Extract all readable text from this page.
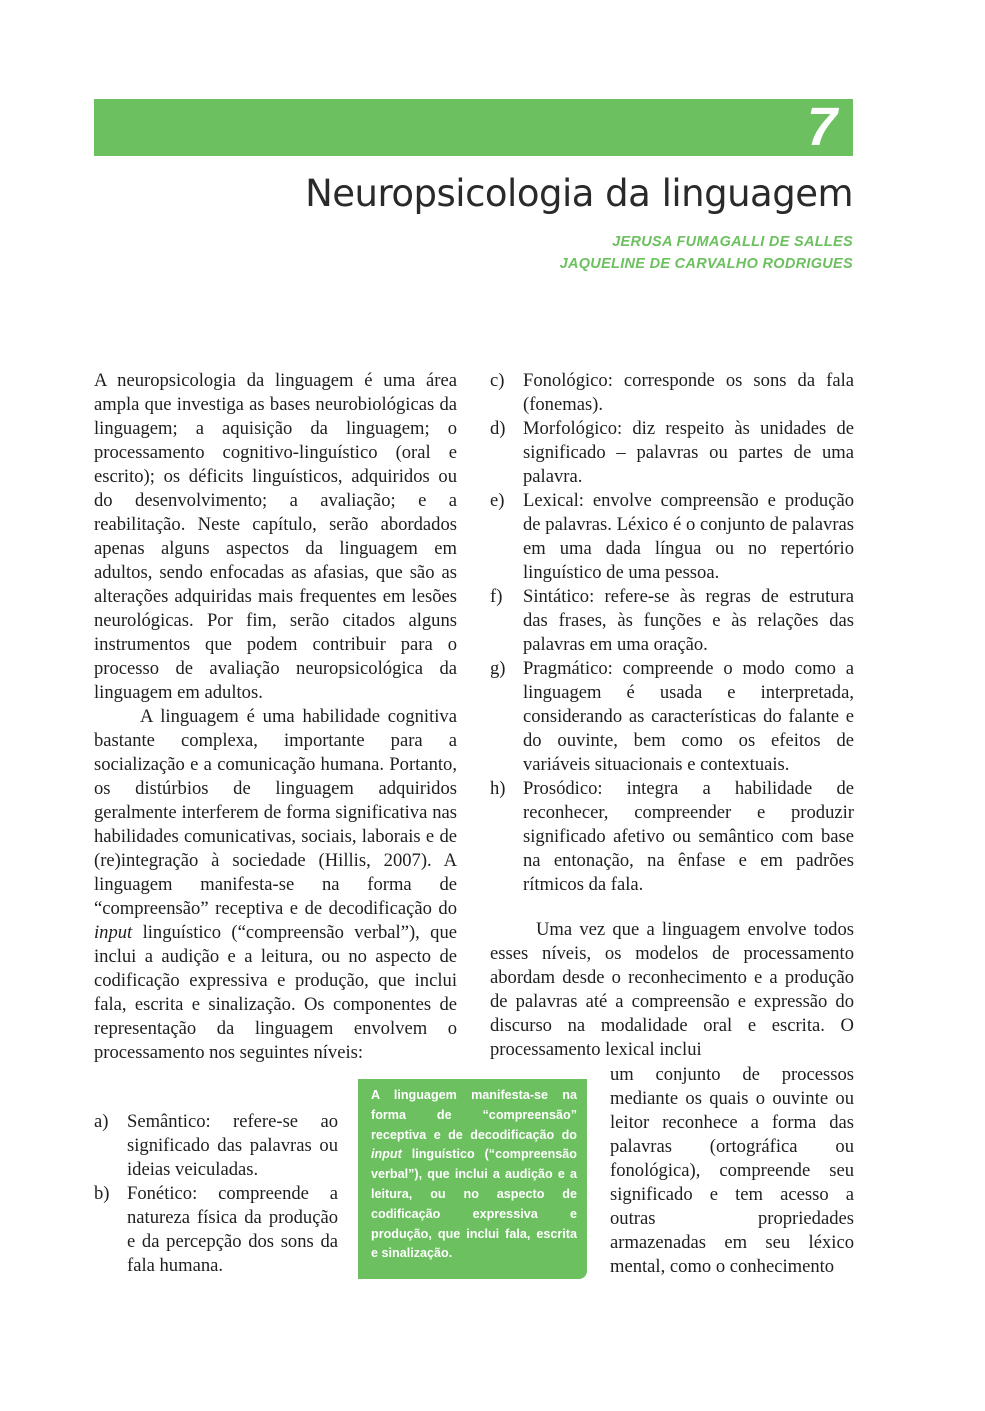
7
Neuropsicologia da linguagem
JERUSA FUMAGALLI DE SALLES
JAQUELINE DE CARVALHO RODRIGUES

A neuropsicologia da linguagem é uma área ampla que investiga as bases neurobiológicas da linguagem; a aquisição da linguagem; o processamento cognitivo-linguístico (oral e escrito); os déficits linguísticos, adquiridos ou do desenvolvimento; a avaliação; e a reabilitação. Neste capítulo, serão abordados apenas alguns aspectos da linguagem em adultos, sendo enfocadas as afasias, que são as alterações adquiridas mais frequentes em lesões neurológicas. Por fim, serão citados alguns instrumentos que podem contribuir para o processo de avaliação neuropsicológica da linguagem em adultos.

A linguagem é uma habilidade cognitiva bastante complexa, importante para a socialização e a comunicação humana. Portanto, os distúrbios de linguagem adquiridos geralmente interferem de forma significativa nas habilidades comunicativas, sociais, laborais e de (re)integração à sociedade (Hillis, 2007). A linguagem manifesta-se na forma de “compreensão” receptiva e de decodificação do input linguístico (“compreensão verbal”), que inclui a audição e a leitura, ou no aspecto de codificação expressiva e produção, que inclui fala, escrita e sinalização. Os componentes de representação da linguagem envolvem o processamento nos seguintes níveis:

a) Semântico: refere-se ao significado das palavras ou ideias veiculadas.
b) Fonético: compreende a natureza física da produção e da percepção dos sons da fala humana.
c) Fonológico: corresponde os sons da fala (fonemas).
d) Morfológico: diz respeito às unidades de significado – palavras ou partes de uma palavra.
e) Lexical: envolve compreensão e produção de palavras. Léxico é o conjunto de palavras em uma dada língua ou no repertório linguístico de uma pessoa.
f)	Sintático: refere-se às regras de estruturа das frases, às funções e às relações das palavras em uma oração.
g) Pragmático: compreende o modo como a linguagem é usada e interpretada, considerando as características do falante e do ouvinte, bem como os efeitos de variáveis situacionais e contextuais.
h) Prosódico: integra a habilidade de reconhecer, compreender e produzir significado afetivo ou semântico com base na entonação, na ênfase e em padrões rítmicos da fala.

Uma vez que a linguagem envolve todos esses níveis, os modelos de processamento abordam desde o reconhecimento e a produção de palavras até a compreensão e expressão do discurso na modalidade oral e escrita. O processamento lexical inclui

um conjunto de processos mediante os quais o ouvinte ou leitor reconhece a forma das palavras (ortográfica ou fonológica), compreende seu significado e tem acesso a outras propriedades armazenadas em seu léxico mental, como o conhecimento

A linguagem manifesta-se na forma de “compreensão” receptiva e de decodificação do input linguístico (“compreensão verbal”), que inclui a audição e a leitura, ou no aspecto de codificação expressiva e produção, que inclui fala, escrita e sinalização.
